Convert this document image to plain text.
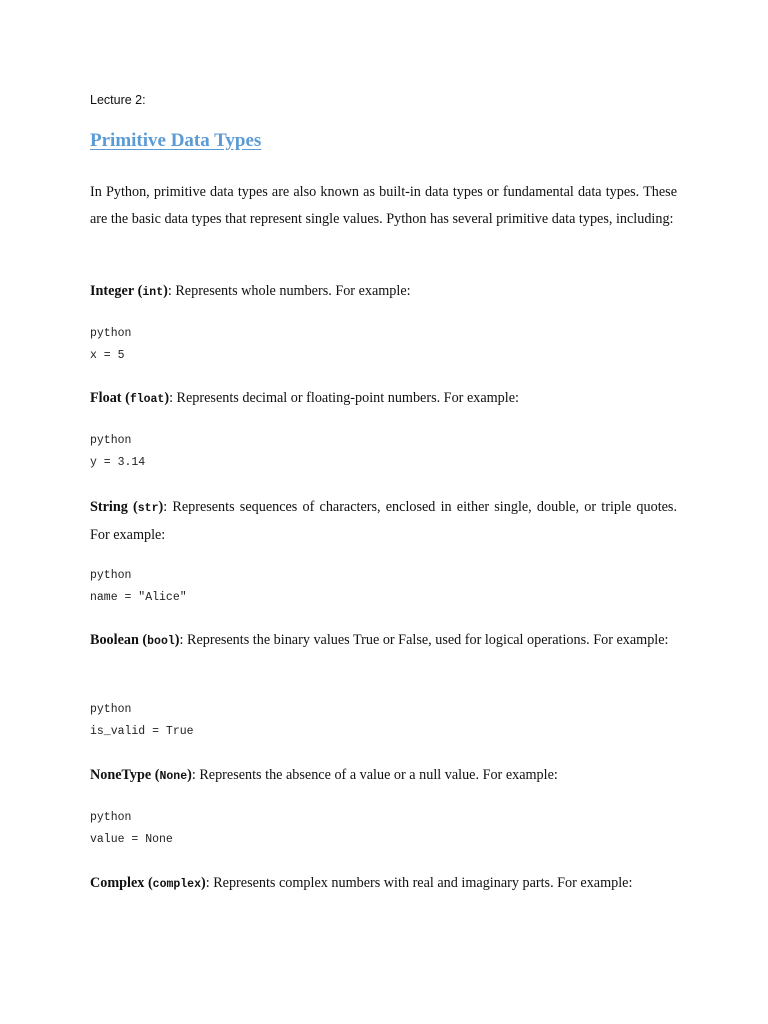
Lecture 2:
Primitive Data Types
In Python, primitive data types are also known as built-in data types or fundamental data types. These are the basic data types that represent single values. Python has several primitive data types, including:
Integer (int): Represents whole numbers. For example:
python
x = 5
Float (float): Represents decimal or floating-point numbers. For example:
python
y = 3.14
String (str): Represents sequences of characters, enclosed in either single, double, or triple quotes. For example:
python
name = "Alice"
Boolean (bool): Represents the binary values True or False, used for logical operations. For example:
python
is_valid = True
NoneType (None): Represents the absence of a value or a null value. For example:
python
value = None
Complex (complex): Represents complex numbers with real and imaginary parts. For example:
